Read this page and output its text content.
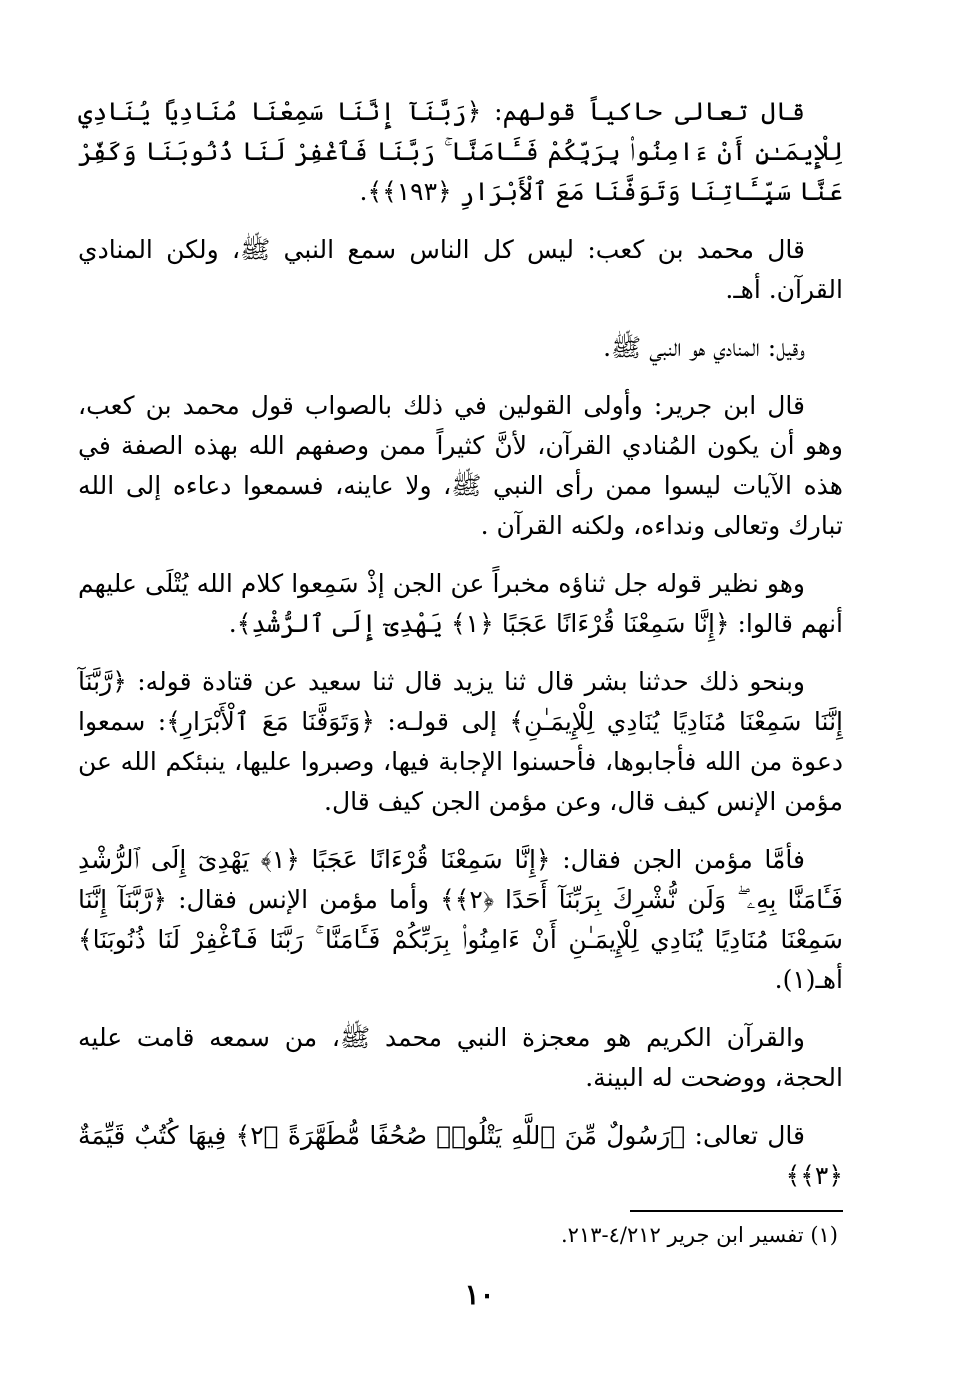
قال تعالى حاكياً قولهم: ﴿رَبَّنَآ إِنَّنَا سَمِعْنَا مُنَادِيًا يُنَادِي لِلْإِيمَـٰنِ أَنْ ءَامِنُوا۟ بِرَبِّكُمْ فَـَٔامَنَّا ۚ رَبَّنَا فَٱغْفِرْ لَنَا ذُنُوبَنَا وَكَفِّرْ عَنَّا سَيِّـَٔاتِنَا وَتَوَفَّنَا مَعَ ٱلْأَبْرَارِ ﴿١٩٣﴾﴾.

قال محمد بن كعب: ليس كل الناس سمع النبي ﷺ، ولكن المنادي القرآن. أهـ.

وقيل: المنادي هو النبي ﷺ.

قال ابن جرير: وأولى القولين في ذلك بالصواب قول محمد بن كعب، وهو أن يكون المُنادي القرآن، لأنَّ كثيراً ممن وصفهم الله بهذه الصفة في هذه الآيات ليسوا ممن رأى النبي ﷺ، ولا عاينه، فسمعوا دعاءه إلى الله تبارك وتعالى ونداءه، ولكنه القرآن .

وهو نظير قوله جل ثناؤه مخبراً عن الجن إذْ سَمِعوا كلام الله يُتْلَى عليهم أنهم قالوا: ﴿إِنَّا سَمِعْنَا قُرْءَانًا عَجَبًا ﴿١﴾ يَهْدِىٓ إِلَى ٱلرُّشْدِ﴾.

وبنحو ذلك حدثنا بشر قال ثنا يزيد قال ثنا سعيد عن قتادة قوله: ﴿رَّبَّنَآ إِنَّنَا سَمِعْنَا مُنَادِيًا يُنَادِي لِلْإِيمَـٰنِ﴾ إلى قولـه: ﴿وَتَوَفَّنَا مَعَ ٱلْأَبْرَارِ﴾: سمعوا دعوة من الله فأجابوها، فأحسنوا الإجابة فيها، وصبروا عليها، ينبئكم الله عن مؤمن الإنس كيف قال، وعن مؤمن الجن كيف قال.

فأمَّا مؤمن الجن فقال: ﴿إِنَّا سَمِعْنَا قُرْءَانًا عَجَبًا ﴿١﴾ يَهْدِىٓ إِلَى ٱلرُّشْدِ فَـَٔامَنَّا بِهِۦ ۖ وَلَن نُّشْرِكَ بِرَبِّنَآ أَحَدًا ﴿٢﴾﴾ وأما مؤمن الإنس فقال: ﴿رَّبَّنَآ إِنَّنَا سَمِعْنَا مُنَادِيًا يُنَادِي لِلْإِيمَـٰنِ أَنْ ءَامِنُوا۟ بِرَبِّكُمْ فَـَٔامَنَّا ۚ رَبَّنَا فَٱغْفِرْ لَنَا ذُنُوبَنَا﴾ أهـ(١).

والقرآن الكريم هو معجزة النبي محمد ﷺ، من سمعه قامت عليه الحجة، ووضحت له البينة.

قال تعالى: ﴿رَسُولٌ مِّنَ ٱللَّهِ يَتْلُوا۟ صُحُفًا مُّطَهَّرَةً ﴿٢﴾ فِيهَا كُتُبٌ قَيِّمَةٌ ﴿٣﴾﴾

(١) تفسير ابن جرير ٤/٢١٢-٢١٣.
١٠
